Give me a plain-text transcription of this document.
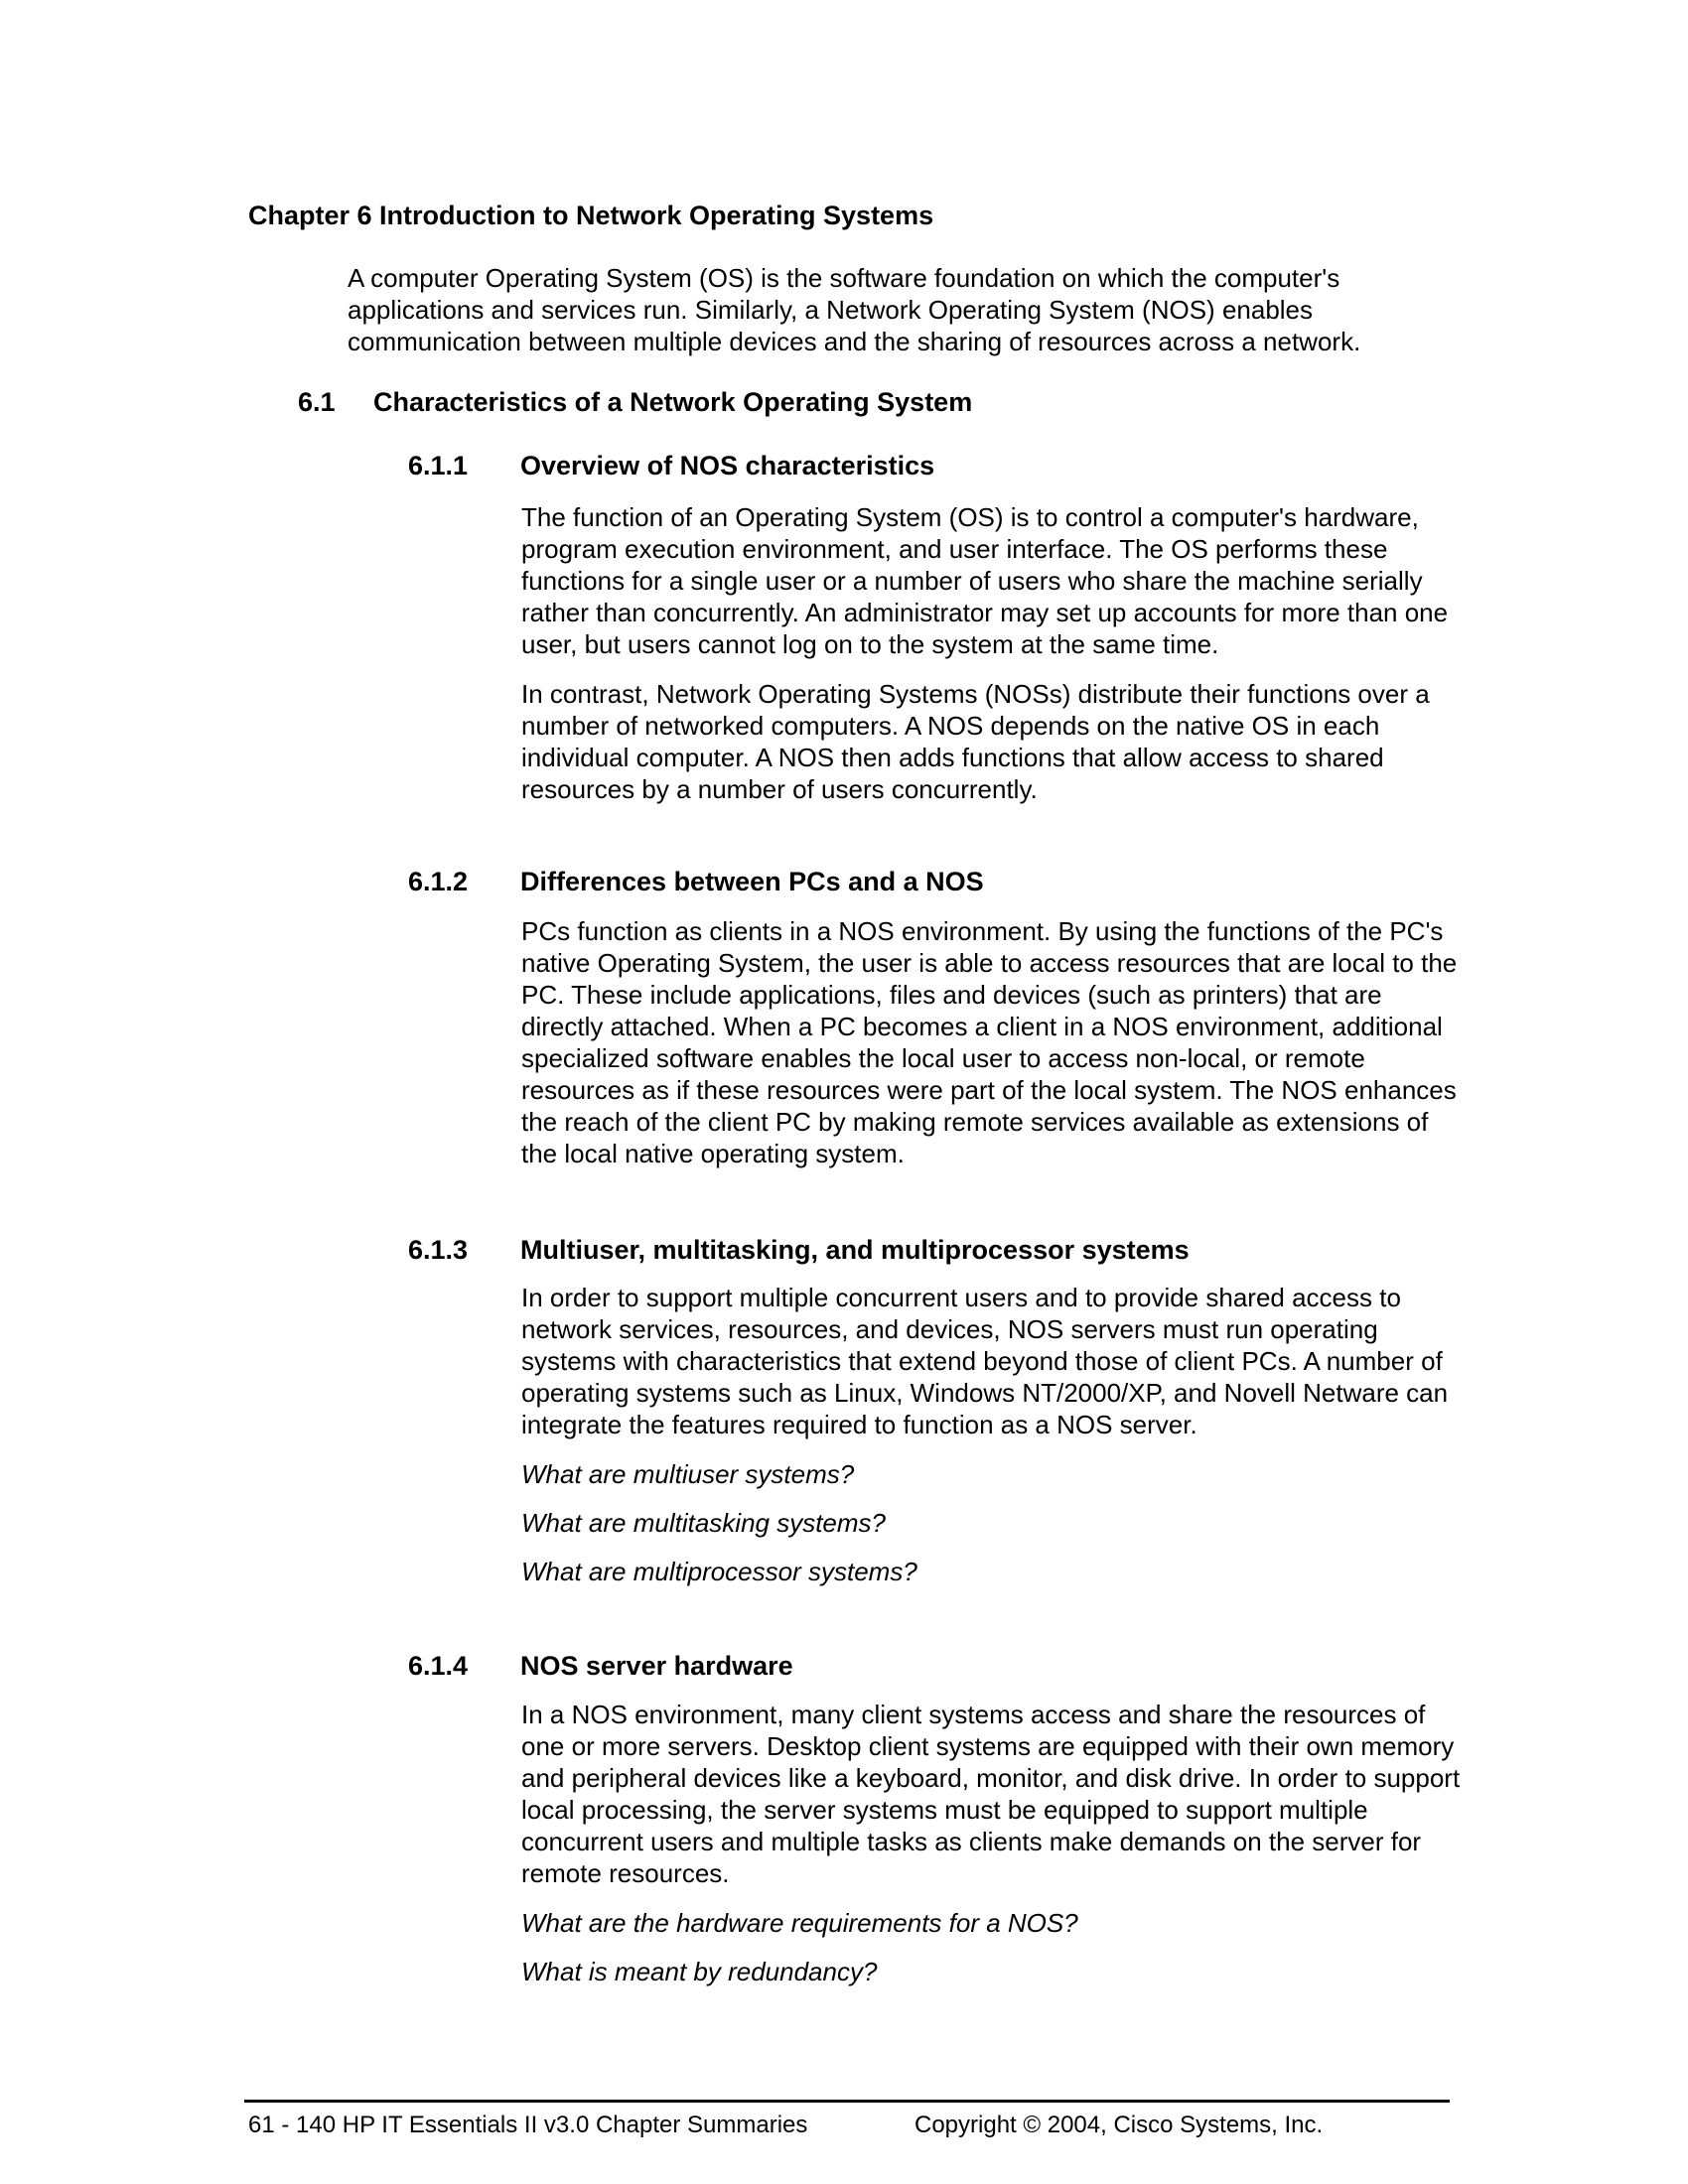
Chapter 6 Introduction to Network Operating Systems

A computer Operating System (OS) is the software foundation on which the computer's applications and services run. Similarly, a Network Operating System (NOS) enables communication between multiple devices and the sharing of resources across a network.

6.1 Characteristics of a Network Operating System
6.1.1 Overview of NOS characteristics

The function of an Operating System (OS) is to control a computer's hardware, program execution environment, and user interface. The OS performs these functions for a single user or a number of users who share the machine serially rather than concurrently. An administrator may set up accounts for more than one user, but users cannot log on to the system at the same time.

In contrast, Network Operating Systems (NOSs) distribute their functions over a number of networked computers. A NOS depends on the native OS in each individual computer. A NOS then adds functions that allow access to shared resources by a number of users concurrently.

6.1.2 Differences between PCs and a NOS

PCs function as clients in a NOS environment. By using the functions of the PC's native Operating System, the user is able to access resources that are local to the PC. These include applications, files and devices (such as printers) that are directly attached. When a PC becomes a client in a NOS environment, additional specialized software enables the local user to access non-local, or remote resources as if these resources were part of the local system. The NOS enhances the reach of the client PC by making remote services available as extensions of the local native operating system.

6.1.3 Multiuser, multitasking, and multiprocessor systems

In order to support multiple concurrent users and to provide shared access to network services, resources, and devices, NOS servers must run operating systems with characteristics that extend beyond those of client PCs. A number of operating systems such as Linux, Windows NT/2000/XP, and Novell Netware can integrate the features required to function as a NOS server.

What are multiuser systems?

What are multitasking systems?

What are multiprocessor systems?

6.1.4 NOS server hardware

In a NOS environment, many client systems access and share the resources of one or more servers. Desktop client systems are equipped with their own memory and peripheral devices like a keyboard, monitor, and disk drive. In order to support local processing, the server systems must be equipped to support multiple concurrent users and multiple tasks as clients make demands on the server for remote resources.

What are the hardware requirements for a NOS?

What is meant by redundancy?

61 - 140 HP IT Essentials II v3.0 Chapter Summaries	Copyright © 2004, Cisco Systems, Inc.
